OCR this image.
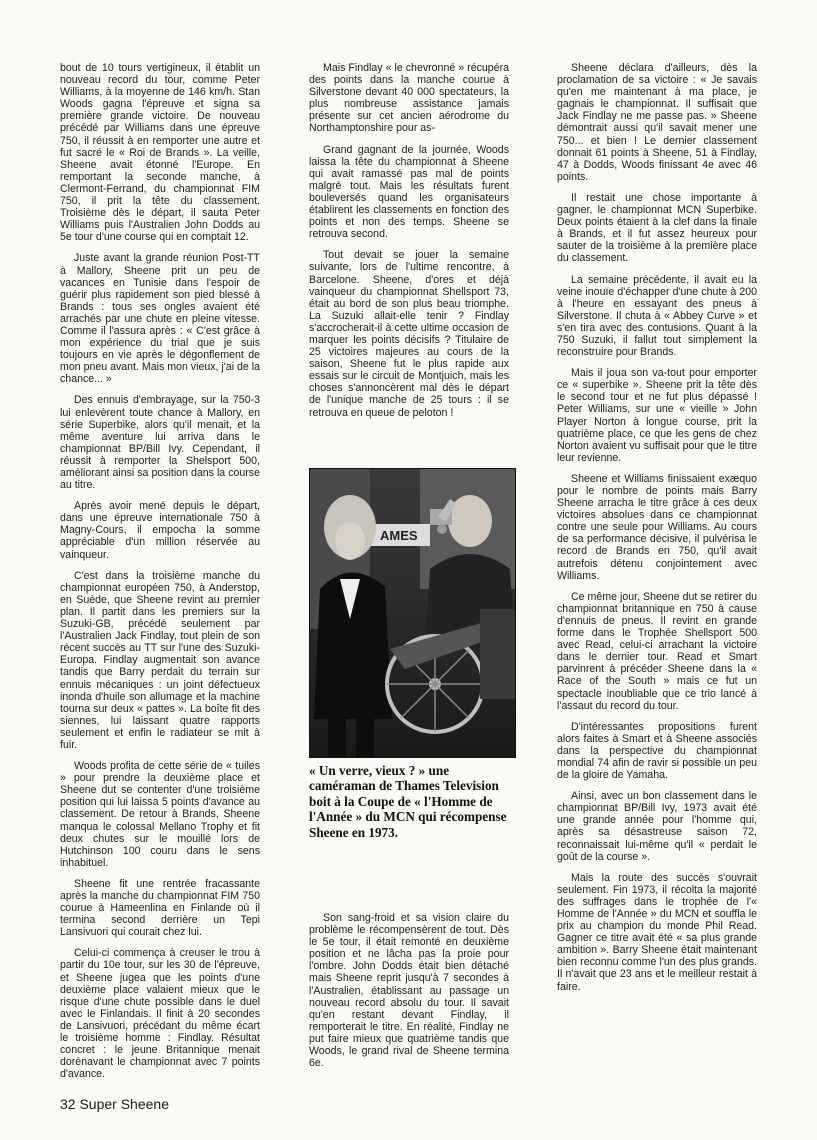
bout de 10 tours vertigineux, il établit un nouveau record du tour, comme Peter Williams, à la moyenne de 146 km/h. Stan Woods gagna l'épreuve et signa sa première grande victoire. De nouveau précédé par Williams dans une épreuve 750, il réussit à en remporter une autre et fut sacré le « Roi de Brands ». La veille, Sheene avait étonné l'Europe. En remportant la seconde manche, à Clermont-Ferrand, du championnat FIM 750, il prit la tête du classement. Troisième dès le départ, il sauta Peter Williams puis l'Australien John Dodds au 5e tour d'une course qui en comptait 12.

Juste avant la grande réunion Post-TT à Mallory, Sheene prit un peu de vacances en Tunisie dans l'espoir de guérir plus rapidement son pied blessé à Brands : tous ses ongles avaient été arrachés par une chute en pleine vitesse. Comme il l'assura après : « C'est grâce à mon expérience du trial que je suis toujours en vie après le dégonflement de mon pneu avant. Mais mon vieux, j'ai de la chance... »

Des ennuis d'embrayage, sur la 750-3 lui enlevèrent toute chance à Mallory, en série Superbike, alors qu'il menait, et la même aventure lui arriva dans le championnat BP/Bill Ivy. Cependant, il réussit à remporter la Shelsport 500, améliorant ainsi sa position dans la course au titre.

Après avoir mené depuis le départ, dans une épreuve internationale 750 à Magny-Cours, il empocha la somme appréciable d'un million réservée au vainqueur.

C'est dans la troisième manche du championnat européen 750, à Anderstop, en Suède, que Sheene revint au premier plan. Il partit dans les premiers sur la Suzuki-GB, précédé seulement par l'Australien Jack Findlay, tout plein de son récent succès au TT sur l'une des Suzuki-Europa. Findlay augmentait son avance tandis que Barry perdait du terrain sur ennuis mécaniques : un joint défectueux inonda d'huile son allumage et la machine tourna sur deux « pattes ». La boîte fit des siennes, lui laissant quatre rapports seulement et enfin le radiateur se mit à fuir.

Woods profita de cette série de « tuiles » pour prendre la deuxième place et Sheene dut se contenter d'une troisième position qui lui laissa 5 points d'avance au classement. De retour à Brands, Sheene manqua le colossal Mellano Trophy et fit deux chutes sur le mouillé lors de Hutchinson 100 couru dans le sens inhabituel.

Sheene fit une rentrée fracassante après la manche du championnat FIM 750 courue à Hameenlina en Finlande où il termina second derrière un Tepi Lansivuori qui courait chez lui.

Celui-ci commença à creuser le trou à partir du 10e tour, sur les 30 de l'épreuve, et Sheene jugea que les points d'une deuxième place valaient mieux que le risque d'une chute possible dans le duel avec le Finlandais. Il finit à 20 secondes de Lansivuori, précédant du même écart le troisième homme : Findlay. Résultat concret : le jeune Britannique menait dorénavant le championnat avec 7 points d'avance.

Mais Findlay « le chevronné » récupéra des points dans la manche courue à Silverstone devant 40 000 spectateurs, la plus nombreuse assistance jamais présente sur cet ancien aérodrome du Northamptonshire pour as-

Grand gagnant de la journée, Woods laissa la tête du championnat à Sheene qui avait ramassé pas mal de points malgré tout. Mais les résultats furent bouleversés quand les organisateurs établirent les classements en fonction des points et non des temps. Sheene se retrouva second.

Tout devait se jouer la semaine suivante, lors de l'ultime rencontre, à Barcelone. Sheene, d'ores et déjà vainqueur du championnat Shellsport 73, était au bord de son plus beau triomphe. La Suzuki allait-elle tenir ? Findlay s'accrocherait-il à cette ultime occasion de marquer les points décisifs ? Titulaire de 25 victoires majeures au cours de la saison, Sheene fut le plus rapide aux essais sur le circuit de Montjuich, mais les choses s'annoncèrent mal dès le départ de l'unique manche de 25 tours : il se retrouva en queue de peloton !

AMES
« Un verre, vieux ? » une caméraman de Thames Television boit à la Coupe de « l'Homme de l'Année » du MCN qui récompense Sheene en 1973.

Son sang-froid et sa vision claire du problème le récompensèrent de tout. Dès le 5e tour, il était remonté en deuxième position et ne lâcha pas la proie pour l'ombre. John Dodds était bien détaché mais Sheene reprit jusqu'à 7 secondes à l'Australien, établissant au passage un nouveau record absolu du tour. Il savait qu'en restant devant Findlay, il remporterait le titre. En réalité, Findlay ne put faire mieux que quatrième tandis que Woods, le grand rival de Sheene termina 6e.

Sheene déclara d'ailleurs, dès la proclamation de sa victoire : « Je savais qu'en me maintenant à ma place, je gagnais le championnat. Il suffisait que Jack Findlay ne me passe pas. » Sheene démontrait aussi qu'il savait mener une 750... et bien ! Le dernier classement donnait 61 points à Sheene, 51 à Findlay, 47 à Dodds, Woods finissant 4e avec 46 points.

Il restait une chose importante à gagner, le championnat MCN Superbike. Deux points étaient à la clef dans la finale à Brands, et il fut assez heureux pour sauter de la troisième à la première place du classement.

La semaine précédente, il avait eu la veine inouïe d'échapper d'une chute à 200 à l'heure en essayant des pneus à Silverstone. Il chuta à « Abbey Curve » et s'en tira avec des contusions. Quant à la 750 Suzuki, il fallut tout simplement la reconstruire pour Brands.

Mais il joua son va-tout pour emporter ce « superbike ». Sheene prit la tête dès le second tour et ne fut plus dépassé ! Peter Williams, sur une « vieille » John Player Norton à longue course, prit la quatrième place, ce que les gens de chez Norton avaient vu suffisait pour que le titre leur revienne.

Sheene et Williams finissaient exæquo pour le nombre de points mais Barry Sheene arracha le titre grâce à ces deux victoires absolues dans ce championnat contre une seule pour Williams. Au cours de sa performance décisive, il pulvérisa le record de Brands en 750, qu'il avait autrefois détenu conjointement avec Williams.

Ce même jour, Sheene dut se retirer du championnat britannique en 750 à cause d'ennuis de pneus. Il revint en grande forme dans le Trophée Shellsport 500 avec Read, celui-ci arrachant la victoire dans le dernier tour. Read et Smart parvinrent à précéder Sheene dans la « Race of the South » mais ce fut un spectacle inoubliable que ce trio lancé à l'assaut du record du tour.

D'intéressantes propositions furent alors faites à Smart et à Sheene associés dans la perspective du championnat mondial 74 afin de ravir si possible un peu de la gloire de Yamaha.

Ainsi, avec un bon classement dans le championnat BP/Bill Ivy, 1973 avait été une grande année pour l'homme qui, après sa désastreuse saison 72, reconnaissait lui-même qu'il « perdait le goût de la course ».

Mais la route des succès s'ouvrait seulement. Fin 1973, il récolta la majorité des suffrages dans le trophée de l'« Homme de l'Année » du MCN et souffla le prix au champion du monde Phil Read. Gagner ce titre avait été « sa plus grande ambition ». Barry Sheene était maintenant bien reconnu comme l'un des plus grands. Il n'avait que 23 ans et le meilleur restait à faire.

32 Super Sheene
